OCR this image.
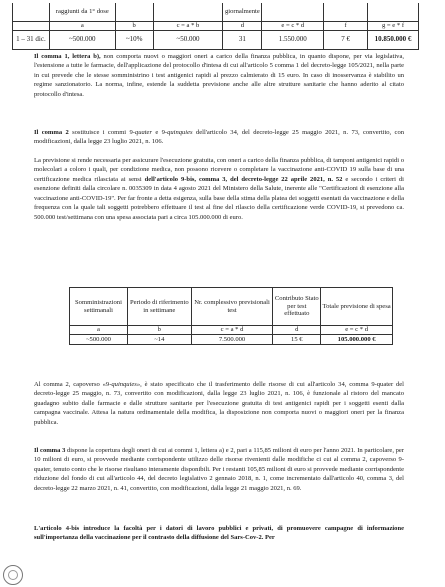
	raggiunti da 1° dose			giornalmente			
	a	b	c = a * b	d	e = c * d	f	g = e * f
1 – 31 dic.	~500.000	~10%	~50.000	31	1.550.000	7 €	10.850.000 €

Il comma 1, lettera b), non comporta nuovi o maggiori oneri a carico della finanza pubblica, in quanto dispone, per via legislativa, l'estensione a tutte le farmacie, dell'applicazione del protocollo d'intesa di cui all'articolo 5 comma 1 del decreto-legge 105/2021, nella parte in cui prevede che le stesse somministrino i test antigenici rapidi al prezzo calmierato di 15 euro. In caso di inosservanza è stabilito un regime sanzionatorio. La norma, infine, estende la suddetta previsione anche alle altre strutture sanitarie che hanno aderito al citato protocollo d'intesa.

Il comma 2 sostituisce i commi 9-quater e 9-quinquies dell'articolo 34, del decreto-legge 25 maggio 2021, n. 73, convertito, con modificazioni, dalla legge 23 luglio 2021, n. 106.

La previsione si rende necessaria per assicurare l'esecuzione gratuita, con oneri a carico della finanza pubblica, di tamponi antigenici rapidi o molecolari a coloro i quali, per condizione medica, non possono ricevere o completare la vaccinazione anti-COVID 19 sulla base di una certificazione medica rilasciata ai sensi dell'articolo 9-bis, comma 3, del decreto-legge 22 aprile 2021, n. 52 e secondo i criteri di esenzione definiti dalla circolare n. 0035309 in data 4 agosto 2021 del Ministero della Salute, inerente alle "Certificazioni di esenzione alla vaccinazione anti-COVID-19". Per far fronte a detta esigenza, sulla base della stima della platea dei soggetti esentati da vaccinazione e della frequenza con la quale tali soggetti potrebbero effettuare il test al fine del rilascio della certificazione verde COVID-19, si prevedono ca. 500.000 test/settimana con una spesa associata pari a circa 105.000.000 di euro.

Somministrazioni settimanali	Periodo di riferimento in settimane	Nr. complessivo previsionali test	Contributo Stato per test effettuato	Totale previsione di spesa
a	b	c = a * d	d	e = c * d
~500.000	~14	7.500.000	15 €	105.000.000 €

Al comma 2, capoverso «9-quinquies», è stato specificato che il trasferimento delle risorse di cui all'articolo 34, comma 9-quater del decreto-legge 25 maggio, n. 73, convertito con modificazioni, dalla legge 23 luglio 2021, n. 106, è funzionale al ristoro del mancato guadagno subito dalle farmacie e dalle strutture sanitarie per l'esecuzione gratuita di test antigenici rapidi per i soggetti esenti dalla campagna vaccinale. Attesa la natura ordinamentale della modifica, la disposizione non comporta nuovi o maggiori oneri per la finanza pubblica.

Il comma 3 dispone la copertura degli oneri di cui ai commi 1, lettera a) e 2, pari a 115,85 milioni di euro per l'anno 2021. In particolare, per 10 milioni di euro, si provvede mediante corrispondente utilizzo delle risorse rivenienti dalle modifiche ci cui al comma 2, capoverso 9-quater, tenuto conto che le risorse risultano interamente disponibili. Per i restanti 105,85 milioni di euro si provvede mediante corrispondente riduzione del fondo di cui all'articolo 44, del decreto legislativo 2 gennaio 2018, n. 1, come incrementato dall'articolo 40, comma 3, del decreto-legge 22 marzo 2021, n. 41, convertito, con modificazioni, dalla legge 21 maggio 2021, n. 69.

L'articolo 4-bis introduce la facoltà per i datori di lavoro pubblici e privati, di promuovere campagne di informazione sull'importanza della vaccinazione per il contrasto della diffusione del Sars-Cov-2. Per
